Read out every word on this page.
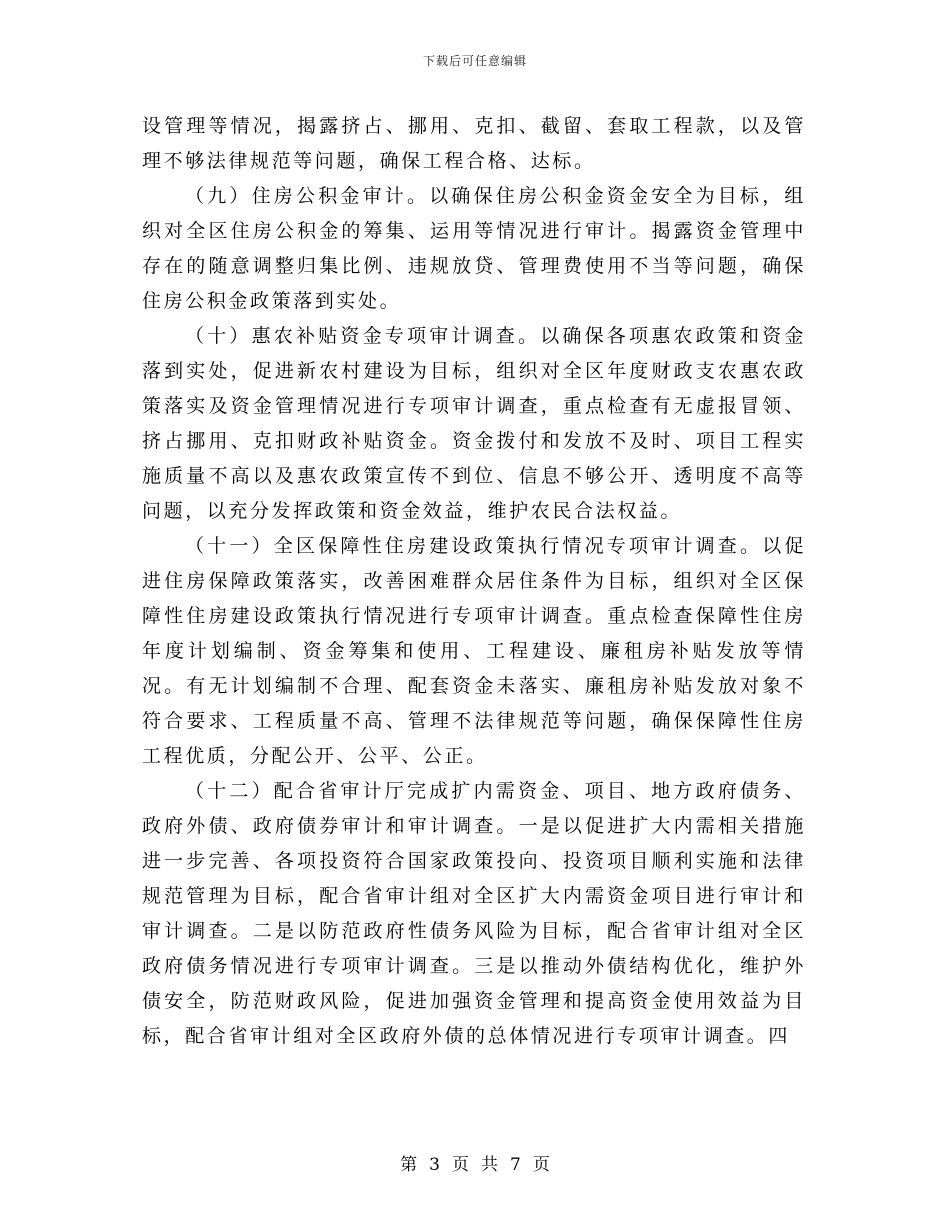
下载后可任意编辑

设管理等情况，揭露挤占、挪用、克扣、截留、套取工程款，以及管理不够法律规范等问题，确保工程合格、达标。

（九）住房公积金审计。以确保住房公积金资金安全为目标，组织对全区住房公积金的筹集、运用等情况进行审计。揭露资金管理中存在的随意调整归集比例、违规放贷、管理费使用不当等问题，确保住房公积金政策落到实处。

（十）惠农补贴资金专项审计调查。以确保各项惠农政策和资金落到实处，促进新农村建设为目标，组织对全区年度财政支农惠农政策落实及资金管理情况进行专项审计调查，重点检查有无虚报冒领、挤占挪用、克扣财政补贴资金。资金拨付和发放不及时、项目工程实施质量不高以及惠农政策宣传不到位、信息不够公开、透明度不高等问题，以充分发挥政策和资金效益，维护农民合法权益。

（十一）全区保障性住房建设政策执行情况专项审计调查。以促进住房保障政策落实，改善困难群众居住条件为目标，组织对全区保障性住房建设政策执行情况进行专项审计调查。重点检查保障性住房年度计划编制、资金筹集和使用、工程建设、廉租房补贴发放等情况。有无计划编制不合理、配套资金未落实、廉租房补贴发放对象不符合要求、工程质量不高、管理不法律规范等问题，确保保障性住房工程优质，分配公开、公平、公正。

（十二）配合省审计厅完成扩内需资金、项目、地方政府债务、政府外债、政府债券审计和审计调查。一是以促进扩大内需相关措施进一步完善、各项投资符合国家政策投向、投资项目顺利实施和法律规范管理为目标，配合省审计组对全区扩大内需资金项目进行审计和审计调查。二是以防范政府性债务风险为目标，配合省审计组对全区政府债务情况进行专项审计调查。三是以推动外债结构优化，维护外债安全，防范财政风险，促进加强资金管理和提高资金使用效益为目标，配合省审计组对全区政府外债的总体情况进行专项审计调查。四

第 3 页 共 7 页
